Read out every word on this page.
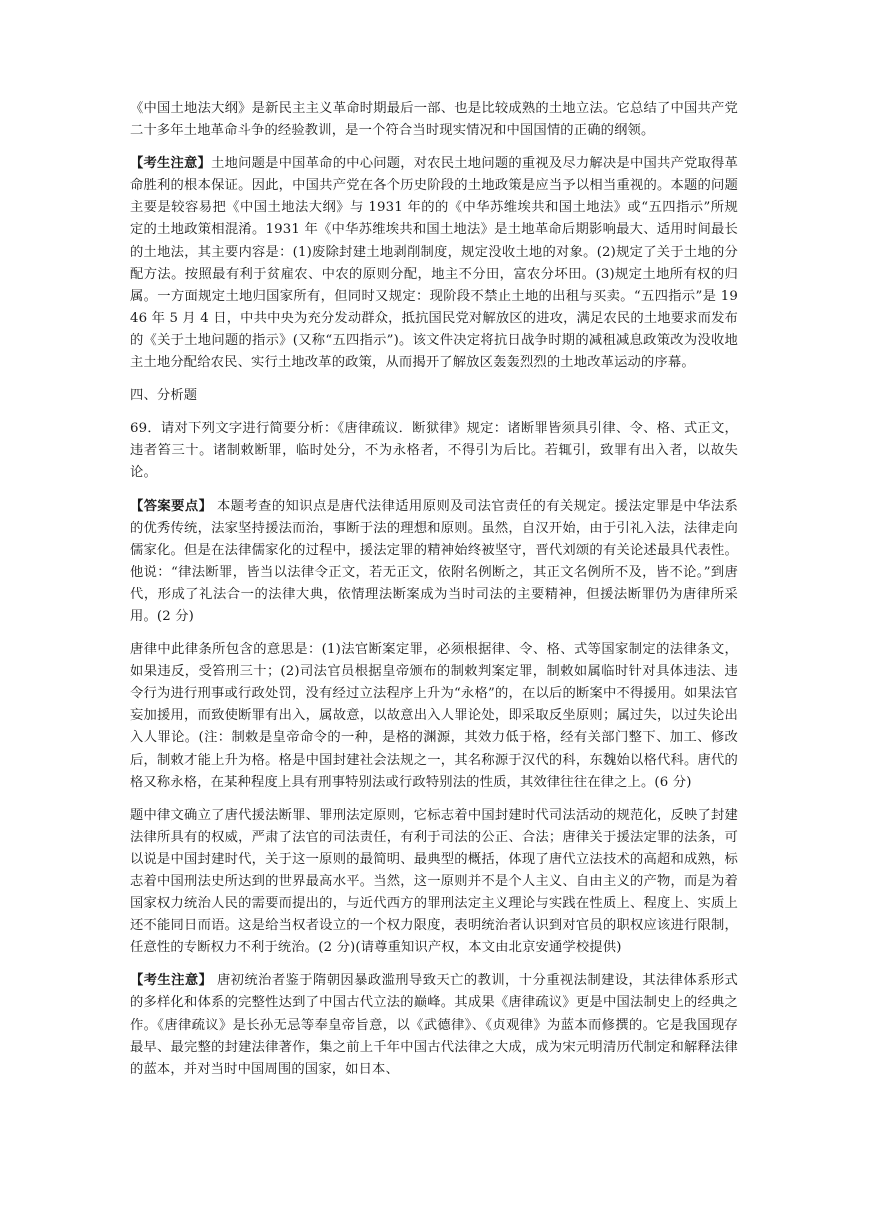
《中国土地法大纲》是新民主主义革命时期最后一部、也是比较成熟的土地立法。它总结了中国共产党二十多年土地革命斗争的经验教训，是一个符合当时现实情况和中国国情的正确的纲领。

【考生注意】土地问题是中国革命的中心问题，对农民土地问题的重视及尽力解决是中国共产党取得革命胜利的根本保证。因此，中国共产党在各个历史阶段的土地政策是应当予以相当重视的。本题的问题主要是较容易把《中国土地法大纲》与 1931 年的的《中华苏维埃共和国土地法》或“五四指示”所规定的土地政策相混淆。1931 年《中华苏维埃共和国土地法》是土地革命后期影响最大、适用时间最长的土地法，其主要内容是：(1)废除封建土地剥削制度，规定没收土地的对象。(2)规定了关于土地的分配方法。按照最有利于贫雇农、中农的原则分配，地主不分田，富农分坏田。(3)规定土地所有权的归属。一方面规定土地归国家所有，但同时又规定：现阶段不禁止土地的出租与买卖。“五四指示”是 1946 年 5 月 4 日，中共中央为充分发动群众，抵抗国民党对解放区的进攻，满足农民的土地要求而发布的《关于土地问题的指示》(又称“五四指示”)。该文件决定将抗日战争时期的减租减息政策改为没收地主土地分配给农民、实行土地改革的政策，从而揭开了解放区轰轰烈烈的土地改革运动的序幕。

四、分析题

69．请对下列文字进行简要分析：《唐律疏议．断狱律》规定：诸断罪皆须具引律、令、格、式正文，违者笞三十。诸制敕断罪，临时处分，不为永格者，不得引为后比。若辄引，致罪有出入者，以故失论。

【答案要点】 本题考查的知识点是唐代法律适用原则及司法官责任的有关规定。援法定罪是中华法系的优秀传统，法家坚持援法而治，事断于法的理想和原则。虽然，自汉开始，由于引礼入法，法律走向儒家化。但是在法律儒家化的过程中，援法定罪的精神始终被坚守，晋代刘颂的有关论述最具代表性。他说：“律法断罪，皆当以法律令正文，若无正文，依附名例断之，其正文名例所不及，皆不论。”到唐代，形成了礼法合一的法律大典，依情理法断案成为当时司法的主要精神，但援法断罪仍为唐律所采用。(2 分)

唐律中此律条所包含的意思是：(1)法官断案定罪，必须根据律、令、格、式等国家制定的法律条文，如果违反，受笞刑三十；(2)司法官员根据皇帝颁布的制敕判案定罪，制敕如属临时针对具体违法、违令行为进行刑事或行政处罚，没有经过立法程序上升为“永格”的，在以后的断案中不得援用。如果法官妄加援用，而致使断罪有出入，属故意，以故意出入人罪论处，即采取反坐原则；属过失，以过失论出入人罪论。(注：制敕是皇帝命令的一种，是格的渊源，其效力低于格，经有关部门整下、加工、修改后，制敕才能上升为格。格是中国封建社会法规之一，其名称源于汉代的科，东魏始以格代科。唐代的格又称永格，在某种程度上具有刑事特别法或行政特别法的性质，其效律往往在律之上。(6 分)

题中律文确立了唐代援法断罪、罪刑法定原则，它标志着中国封建时代司法活动的规范化，反映了封建法律所具有的权威，严肃了法官的司法责任，有利于司法的公正、合法；唐律关于援法定罪的法条，可以说是中国封建时代，关于这一原则的最简明、最典型的概括，体现了唐代立法技术的高超和成熟，标志着中国刑法史所达到的世界最高水平。当然，这一原则并不是个人主义、自由主义的产物，而是为着国家权力统治人民的需要而提出的，与近代西方的罪刑法定主义理论与实践在性质上、程度上、实质上还不能同日而语。这是给当权者设立的一个权力限度，表明统治者认识到对官员的职权应该进行限制，任意性的专断权力不利于统治。(2 分)(请尊重知识产权，本文由北京安通学校提供)

【考生注意】 唐初统治者鉴于隋朝因暴政滥刑导致天亡的教训，十分重视法制建设，其法律体系形式的多样化和体系的完整性达到了中国古代立法的巅峰。其成果《唐律疏议》更是中国法制史上的经典之作。《唐律疏议》是长孙无忌等奉皇帝旨意，以《武德律》、《贞观律》为蓝本而修撰的。它是我国现存最早、最完整的封建法律著作，集之前上千年中国古代法律之大成，成为宋元明清历代制定和解释法律的蓝本，并对当时中国周围的国家，如日本、
